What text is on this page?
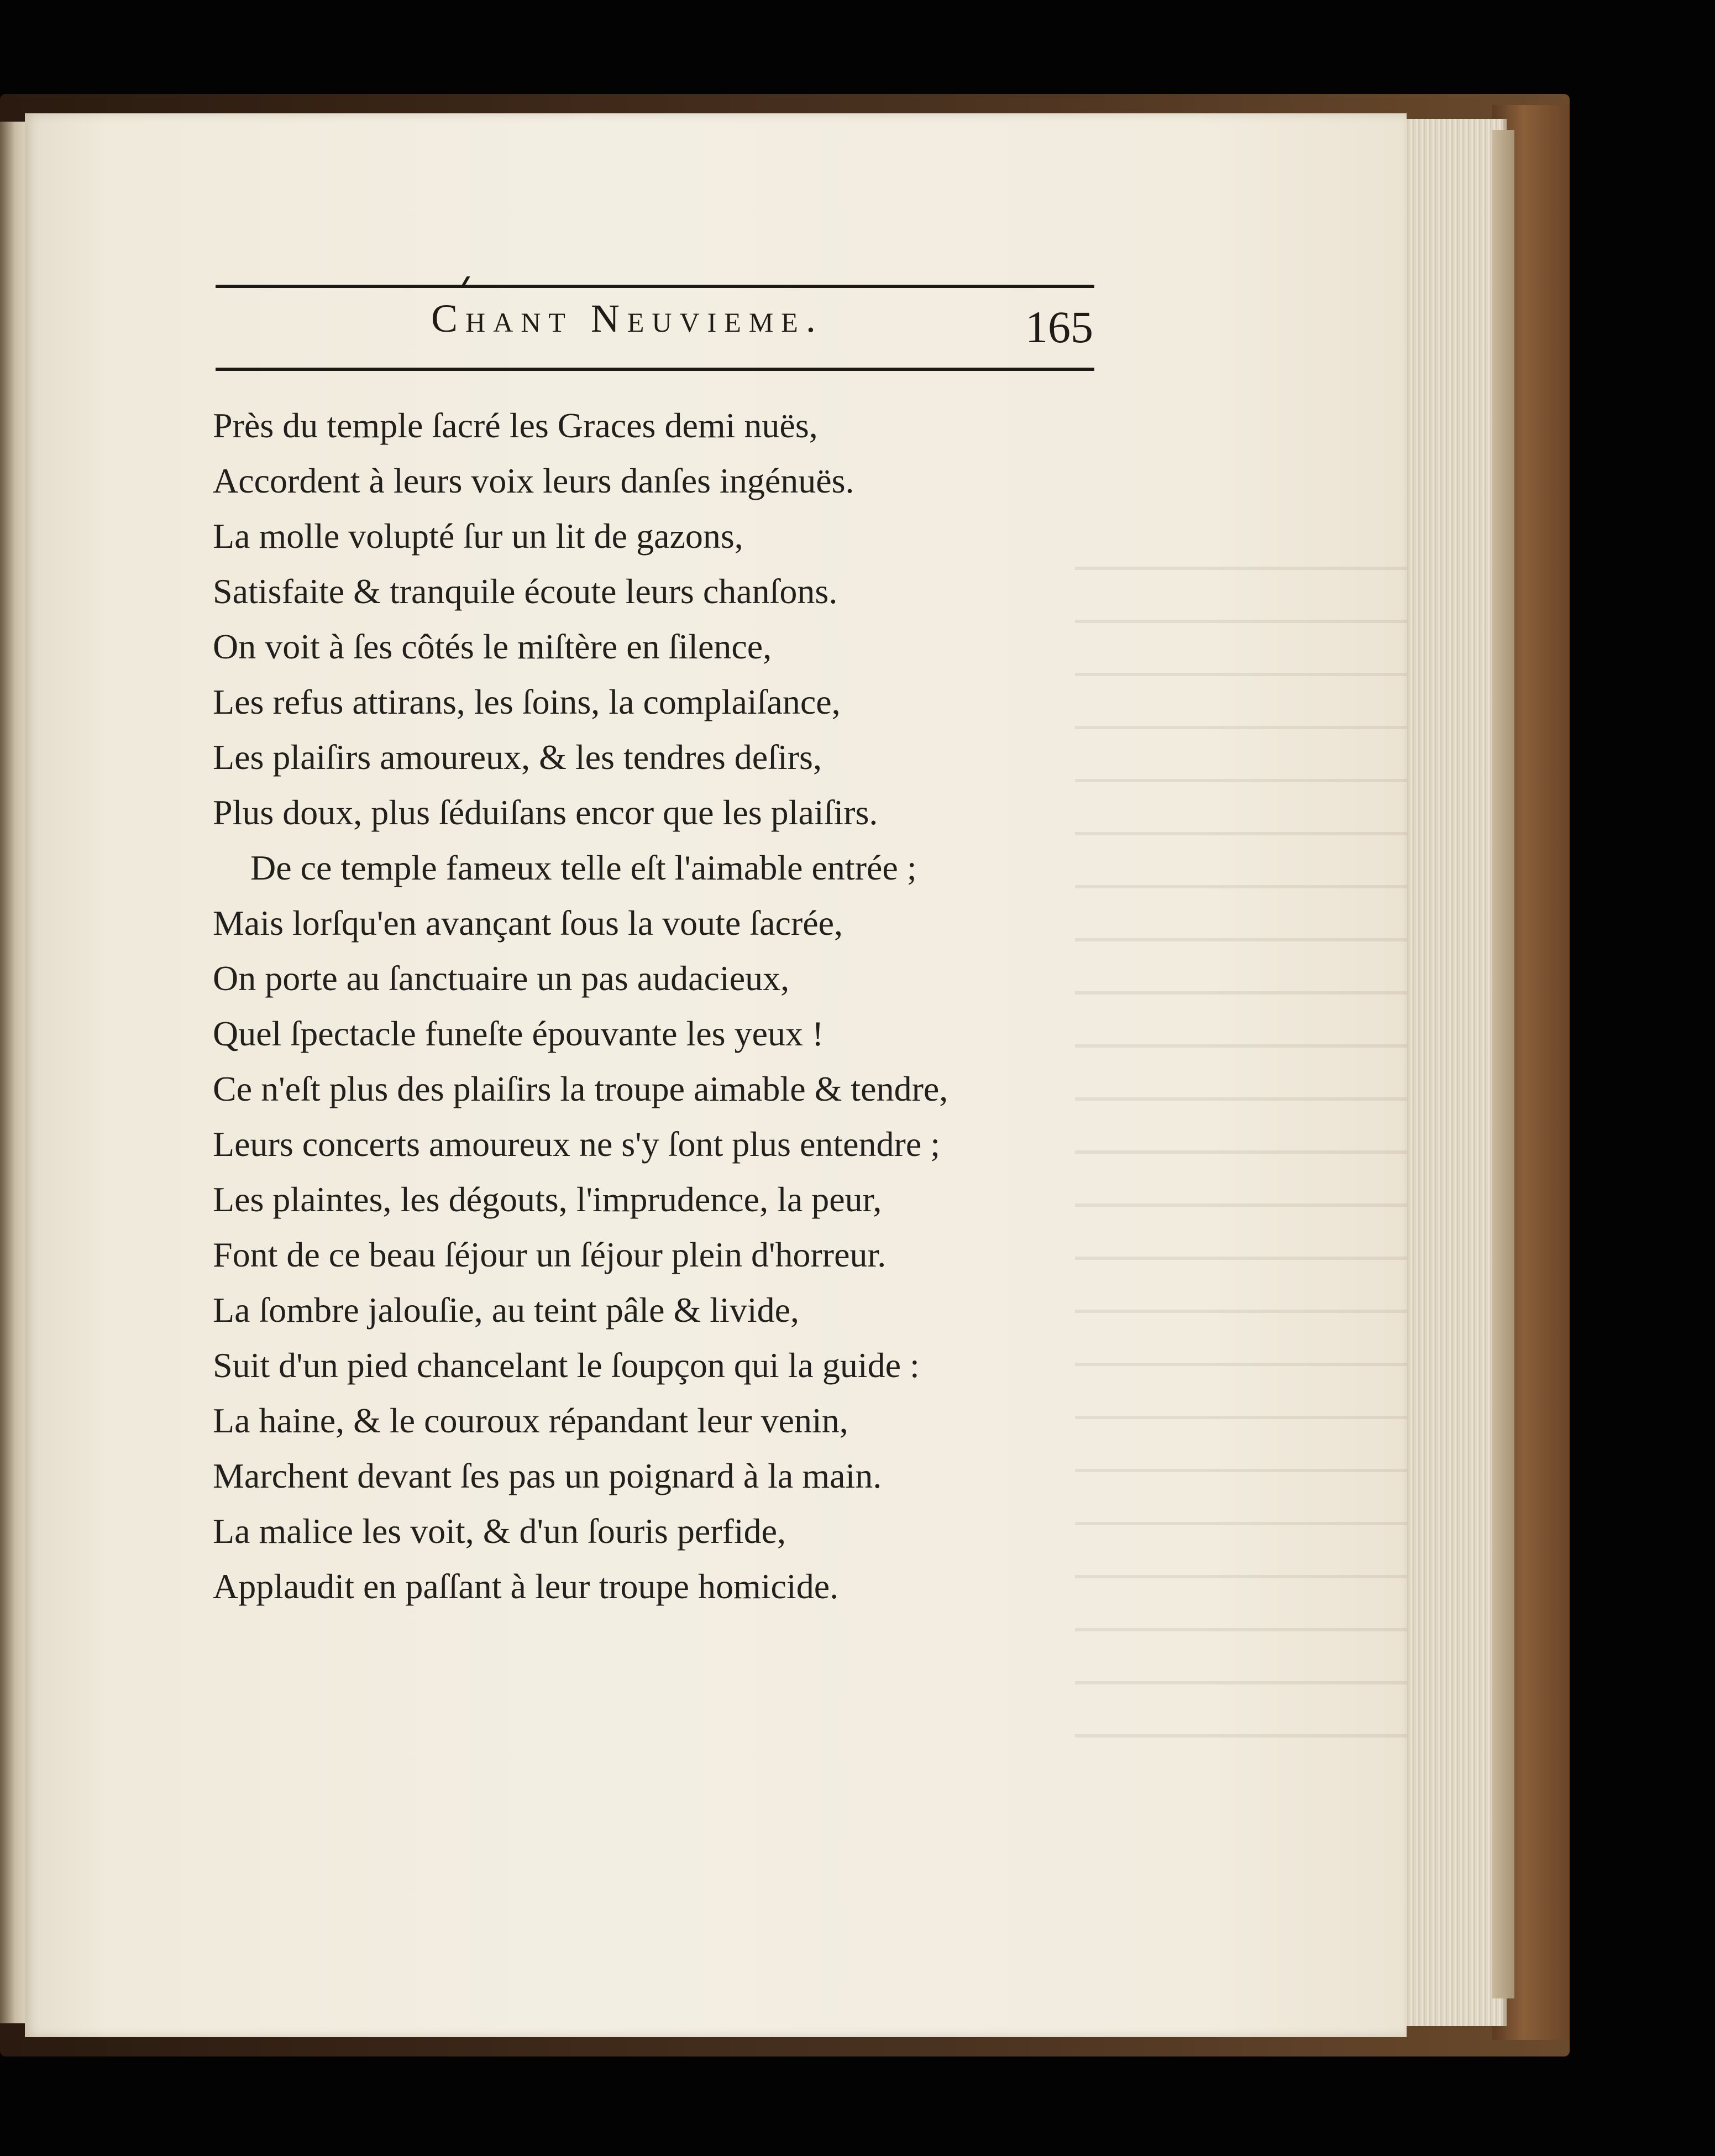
Chant Neuvieme.	165
Près du temple ſacré les Graces demi nuës,
Accordent à leurs voix leurs danſes ingénuës.
La molle volupté ſur un lit de gazons,
Satisfaite & tranquile écoute leurs chanſons.
On voit à ſes côtés le miſtère en ſilence,
Les refus attirans, les ſoins, la complaiſance,
Les plaiſirs amoureux, & les tendres deſirs,
Plus doux, plus ſéduiſans encor que les plaiſirs.
De ce temple fameux telle eſt l'aimable entrée ;
Mais lorſqu'en avançant ſous la voute ſacrée,
On porte au ſanctuaire un pas audacieux,
Quel ſpectacle funeſte épouvante les yeux !
Ce n'eſt plus des plaiſirs la troupe aimable & tendre,
Leurs concerts amoureux ne s'y ſont plus entendre ;
Les plaintes, les dégouts, l'imprudence, la peur,
Font de ce beau ſéjour un ſéjour plein d'horreur.
La ſombre jalouſie, au teint pâle & livide,
Suit d'un pied chancelant le ſoupçon qui la guide :
La haine, & le couroux répandant leur venin,
Marchent devant ſes pas un poignard à la main.
La malice les voit, & d'un ſouris perfide,
Applaudit en paſſant à leur troupe homicide.
